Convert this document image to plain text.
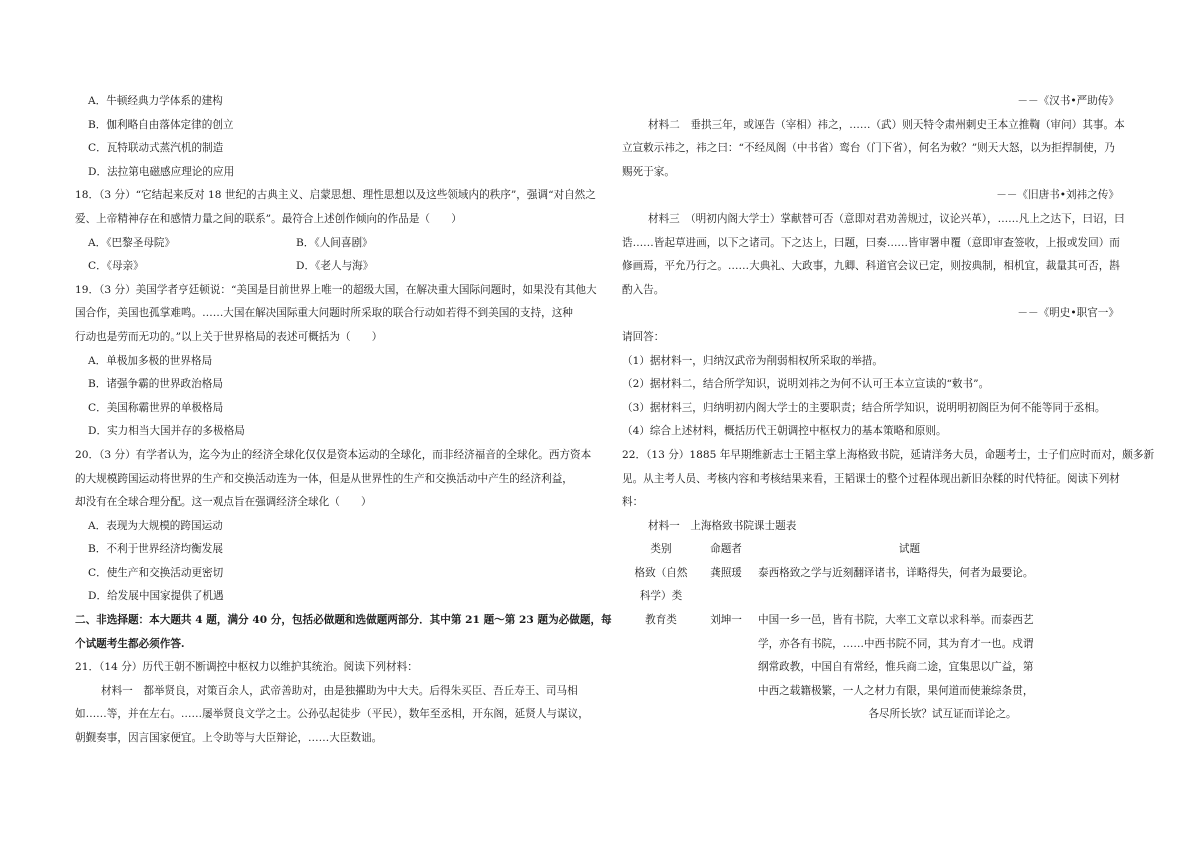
A．牛顿经典力学体系的建构
B．伽利略自由落体定律的创立
C．瓦特联动式蒸汽机的制造
D．法拉第电磁感应理论的应用
18．（3 分）“它结起来反对 18 世纪的古典主义、启蒙思想、理性思想以及这些领域内的秩序”，强调“对自然之
爱、上帝精神存在和感情力量之间的联系”。最符合上述创作倾向的作品是（　　）
A．《巴黎圣母院》	B．《人间喜剧》
C．《母亲》	D．《老人与海》
19．（3 分）美国学者亨廷顿说：“美国是目前世界上唯一的超级大国，在解决重大国际问题时，如果没有其他大
国合作，美国也孤掌难鸣。……大国在解决国际重大问题时所采取的联合行动如若得不到美国的支持，这种
行动也是劳而无功的。”以上关于世界格局的表述可概括为（　　）
A．单极加多极的世界格局
B．诸强争霸的世界政治格局
C．美国称霸世界的单极格局
D．实力相当大国并存的多极格局
20．（3 分）有学者认为，迄今为止的经济全球化仅仅是资本运动的全球化，而非经济福音的全球化。西方资本
的大规模跨国运动将世界的生产和交换活动连为一体，但是从世界性的生产和交换活动中产生的经济利益，
却没有在全球合理分配。这一观点旨在强调经济全球化（　　）
A．表现为大规模的跨国运动
B．不利于世界经济均衡发展
C．使生产和交换活动更密切
D．给发展中国家提供了机遇
二、非选择题：本大题共 4 题，满分 40 分，包括必做题和选做题两部分．其中第 21 题～第 23 题为必做题，每
个试题考生都必须作答.
21．（14 分）历代王朝不断调控中枢权力以维护其统治。阅读下列材料：
材料一　都举贤良，对策百余人，武帝善助对，由是独擢助为中大夫。后得朱买臣、吾丘寿王、司马相
如……等，并在左右。……屡举贤良文学之士。公孙弘起徒步（平民），数年至丞相，开东阁，延贤人与谋议，
朝觐奏事，因言国家便宜。上令助等与大臣辩论，……大臣数诎。
－－《汉书•严助传》
材料二　垂拱三年，或诬告（宰相）祎之，……（武）则天特令肃州刺史王本立推鞫（审问）其事。本
立宣敕示祎之，祎之曰：“不经凤阁（中书省）鸾台（门下省），何名为敕？”则天大怒，以为拒捍制使，乃
赐死于家。
－－《旧唐书•刘祎之传》
材料三　（明初内阁大学士）掌献替可否（意即对君劝善规过，议论兴革），……凡上之达下，曰诏，曰
诰……皆起草进画，以下之诸司。下之达上，曰题，曰奏……皆审署申覆（意即审查签收，上报或发回）而
修画焉，平允乃行之。……大典礼、大政事，九卿、科道官会议已定，则按典制，相机宜，裁量其可否，斟
酌入告。
－－《明史•职官一》
请回答：
（1）据材料一，归纳汉武帝为削弱相权所采取的举措。
（2）据材料二，结合所学知识，说明刘祎之为何不认可王本立宣读的“敕书”。
（3）据材料三，归纳明初内阁大学士的主要职责；结合所学知识，说明明初阁臣为何不能等同于丞相。
（4）综合上述材料，概括历代王朝调控中枢权力的基本策略和原则。
22．（13 分）1885 年早期维新志士王韬主掌上海格致书院，延请洋务大员，命题考士，士子们应时而对，颇多新
见。从主考人员、考核内容和考核结果来看，王韬课士的整个过程体现出新旧杂糅的时代特征。阅读下列材
料：
材料一　上海格致书院课士题表
类别	命题者	试题
格致（自然
科学）类
龚照瑗	泰西格致之学与近刻翻译诸书，详略得失，何者为最要论。
教育类	刘坤一	中国一乡一邑，皆有书院，大率工文章以求科举。而泰西艺
学，亦各有书院，……中西书院不同，其为育才一也。戍谓
纲常政教，中国自有常经，惟兵商二途，宜集思以广益，第
中西之载籍极繁，一人之材力有限，果何道而使兼综条贯，
各尽所长欤？试互证而详论之。
